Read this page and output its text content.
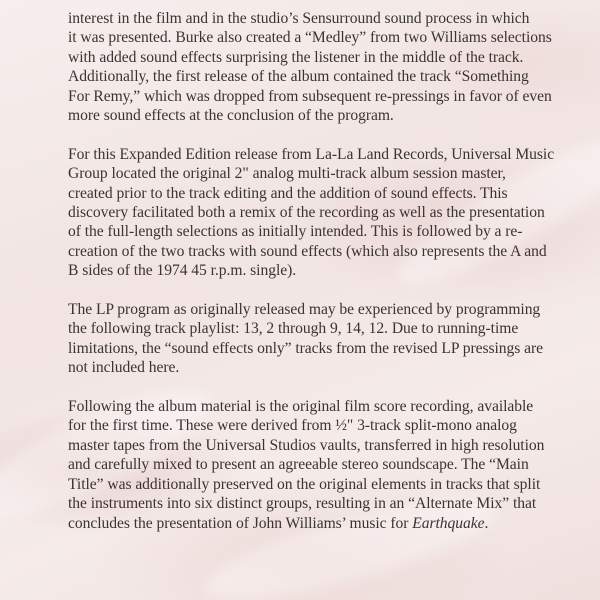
interest in the film and in the studio’s Sensurround sound process in which
it was presented. Burke also created a “Medley” from two Williams selections
with added sound effects surprising the listener in the middle of the track.
Additionally, the first release of the album contained the track “Something
For Remy,” which was dropped from subsequent re-pressings in favor of even
more sound effects at the conclusion of the program.

For this Expanded Edition release from La-La Land Records, Universal Music
Group located the original 2" analog multi-track album session master,
created prior to the track editing and the addition of sound effects. This
discovery facilitated both a remix of the recording as well as the presentation
of the full-length selections as initially intended. This is followed by a re-
creation of the two tracks with sound effects (which also represents the A and
B sides of the 1974 45 r.p.m. single).

The LP program as originally released may be experienced by programming
the following track playlist: 13, 2 through 9, 14, 12. Due to running-time
limitations, the “sound effects only” tracks from the revised LP pressings are
not included here.

Following the album material is the original film score recording, available
for the first time. These were derived from ½" 3-track split-mono analog
master tapes from the Universal Studios vaults, transferred in high resolution
and carefully mixed to present an agreeable stereo soundscape. The “Main
Title” was additionally preserved on the original elements in tracks that split
the instruments into six distinct groups, resulting in an “Alternate Mix” that
concludes the presentation of John Williams’ music for Earthquake.
